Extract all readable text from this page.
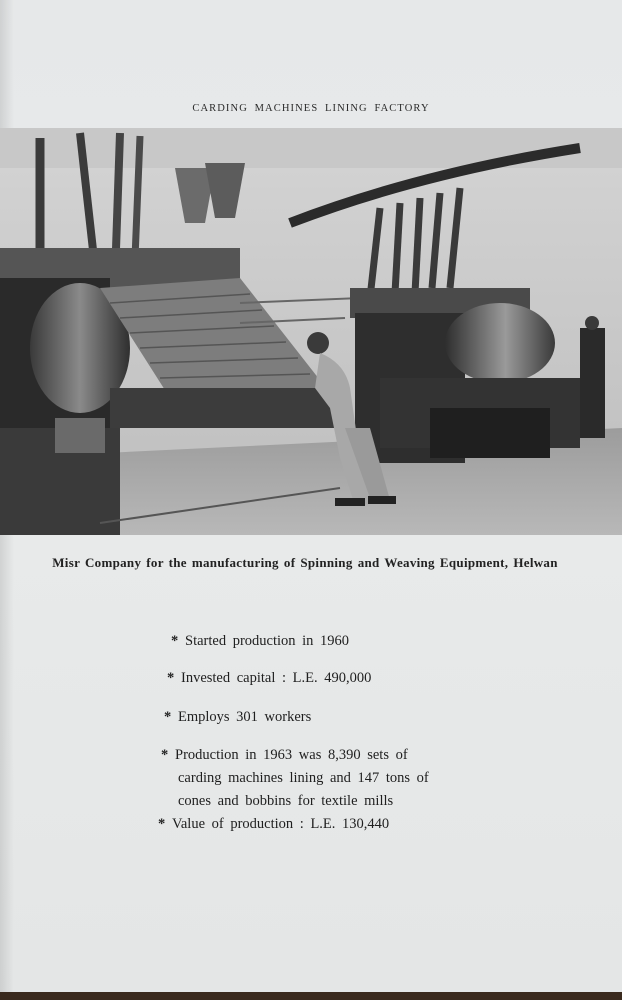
CARDING MACHINES LINING FACTORY
Misr Company for the manufacturing of Spinning and Weaving Equipment, Helwan
* Started production in 1960
* Invested capital : L.E. 490,000
* Employs 301 workers
* Production in 1963 was 8,390 sets of
carding machines lining and 147 tons of
cones and bobbins for textile mills
* Value of production : L.E. 130,440
